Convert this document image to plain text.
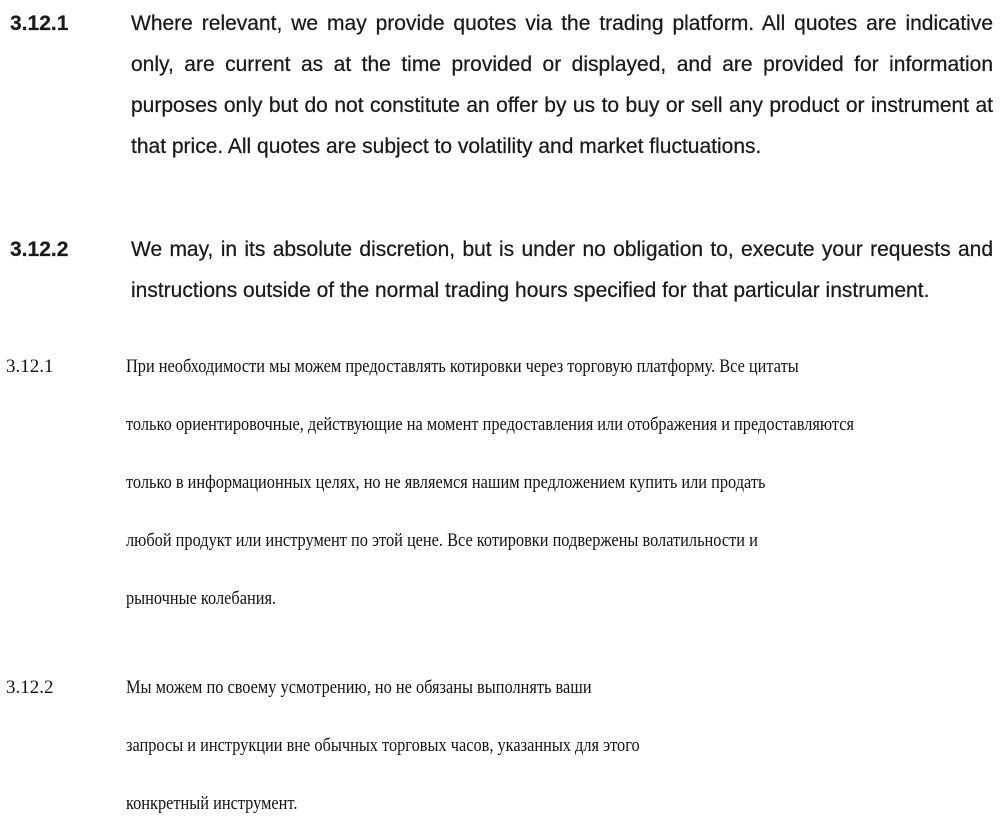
3.12.1	Where relevant, we may provide quotes via the trading platform. All quotes are indicative only, are current as at the time provided or displayed, and are provided for information purposes only but do not constitute an offer by us to buy or sell any product or instrument at that price. All quotes are subject to volatility and market fluctuations.
3.12.2	We may, in its absolute discretion, but is under no obligation to, execute your requests and instructions outside of the normal trading hours specified for that particular instrument.
3.12.1	При необходимости мы можем предоставлять котировки через торговую платформу. Все цитаты
только ориентировочные, действующие на момент предоставления или отображения и предоставляются
только в информационных целях, но не являемся нашим предложением купить или продать
любой продукт или инструмент по этой цене. Все котировки подвержены волатильности и
рыночные колебания.
3.12.2	Мы можем по своему усмотрению, но не обязаны выполнять ваши
запросы и инструкции вне обычных торговых часов, указанных для этого
конкретный инструмент.
